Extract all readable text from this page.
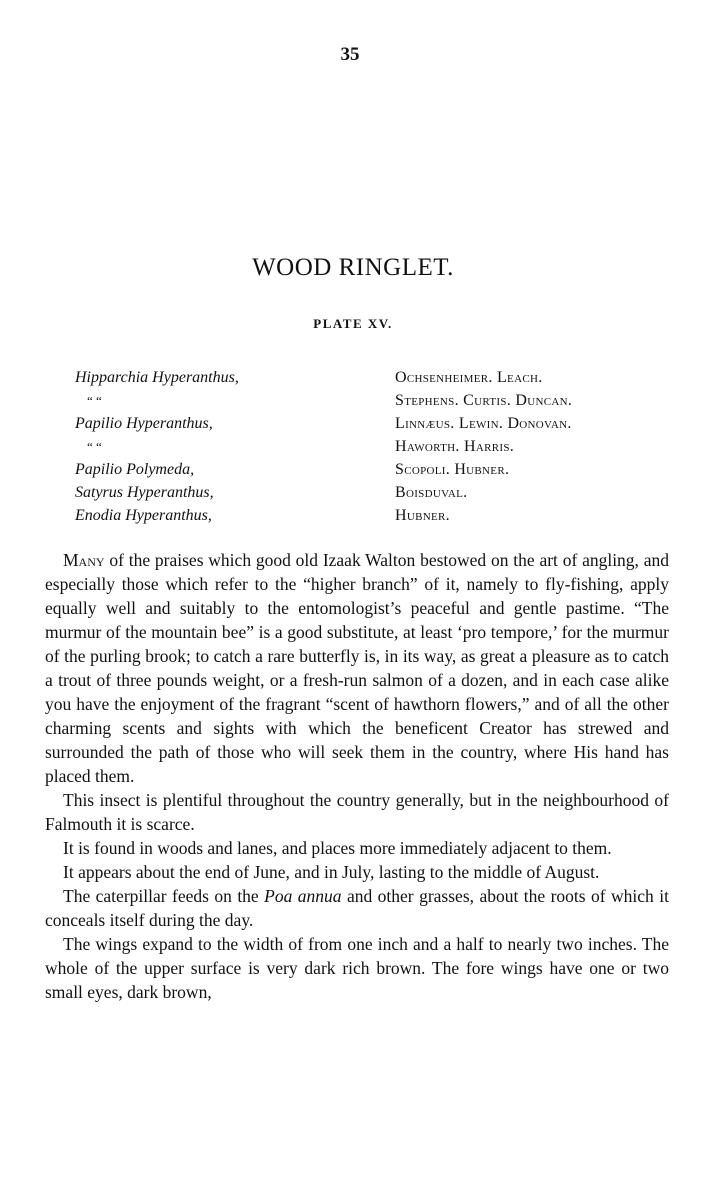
35
WOOD RINGLET.
PLATE XV.
Hipparchia Hyperanthus,	Ochsenheimer. Leach.
“ “	Stephens. Curtis. Duncan.
Papilio Hyperanthus,	Linnæus. Lewin. Donovan.
“ “	Haworth. Harris.
Papilio Polymeda,	Scopoli. Hubner.
Satyrus Hyperanthus,	Boisduval.
Enodia Hyperanthus,	Hubner.

Many of the praises which good old Izaak Walton bestowed on the art of angling, and especially those which refer to the “higher branch” of it, namely to fly-fishing, apply equally well and suitably to the entomologist’s peaceful and gentle pastime. “The murmur of the mountain bee” is a good substitute, at least ‘pro tempore,’ for the murmur of the purling brook; to catch a rare butterfly is, in its way, as great a pleasure as to catch a trout of three pounds weight, or a fresh-run salmon of a dozen, and in each case alike you have the enjoyment of the fragrant “scent of hawthorn flowers,” and of all the other charming scents and sights with which the beneficent Creator has strewed and surrounded the path of those who will seek them in the country, where His hand has placed them.

This insect is plentiful throughout the country generally, but in the neighbourhood of Falmouth it is scarce.

It is found in woods and lanes, and places more immediately adjacent to them.

It appears about the end of June, and in July, lasting to the middle of August.

The caterpillar feeds on the Poa annua and other grasses, about the roots of which it conceals itself during the day.

The wings expand to the width of from one inch and a half to nearly two inches. The whole of the upper surface is very dark rich brown. The fore wings have one or two small eyes, dark brown,
